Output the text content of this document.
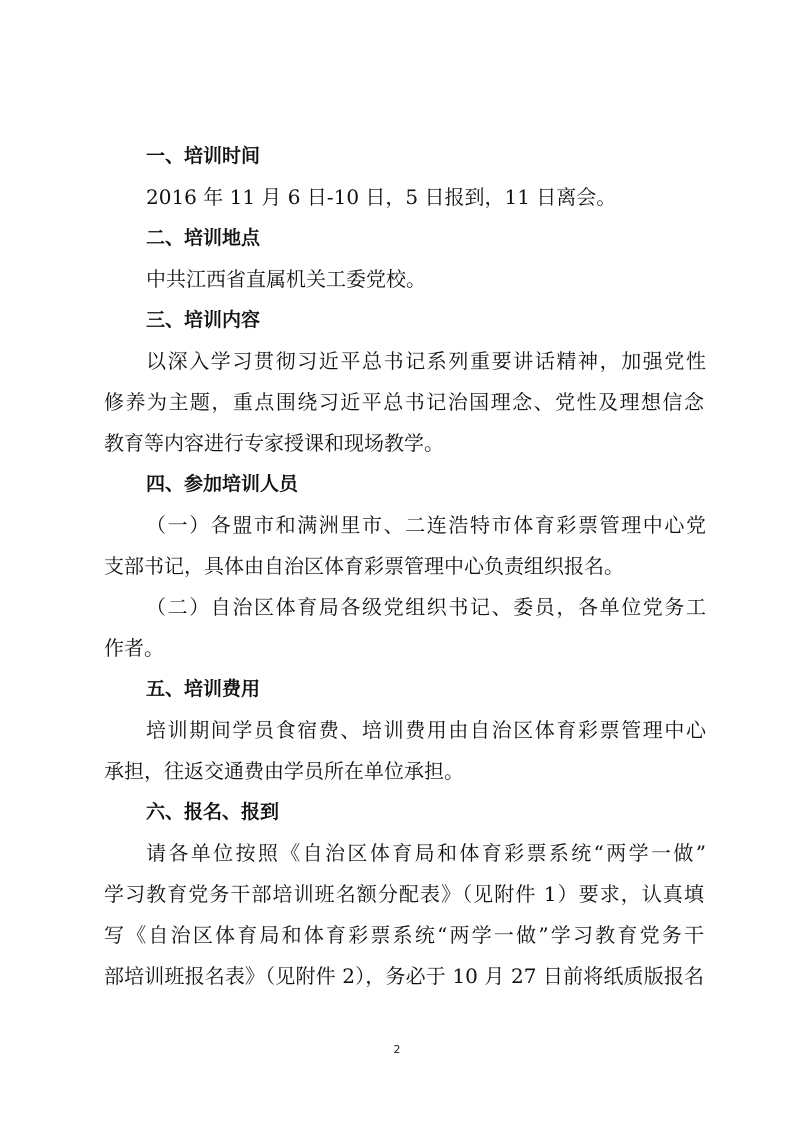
一、培训时间
2016 年 11 月 6 日-10 日，5 日报到，11 日离会。
二、培训地点
中共江西省直属机关工委党校。
三、培训内容
以深入学习贯彻习近平总书记系列重要讲话精神，加强党性
修养为主题，重点围绕习近平总书记治国理念、党性及理想信念
教育等内容进行专家授课和现场教学。
四、参加培训人员
（一）各盟市和满洲里市、二连浩特市体育彩票管理中心党
支部书记，具体由自治区体育彩票管理中心负责组织报名。
（二）自治区体育局各级党组织书记、委员，各单位党务工
作者。
五、培训费用
培训期间学员食宿费、培训费用由自治区体育彩票管理中心
承担，往返交通费由学员所在单位承担。
六、报名、报到
请各单位按照《自治区体育局和体育彩票系统“两学一做”
学习教育党务干部培训班名额分配表》（见附件 1）要求，认真填
写《自治区体育局和体育彩票系统“两学一做”学习教育党务干
部培训班报名表》（见附件 2），务必于 10 月 27 日前将纸质版报名
2
